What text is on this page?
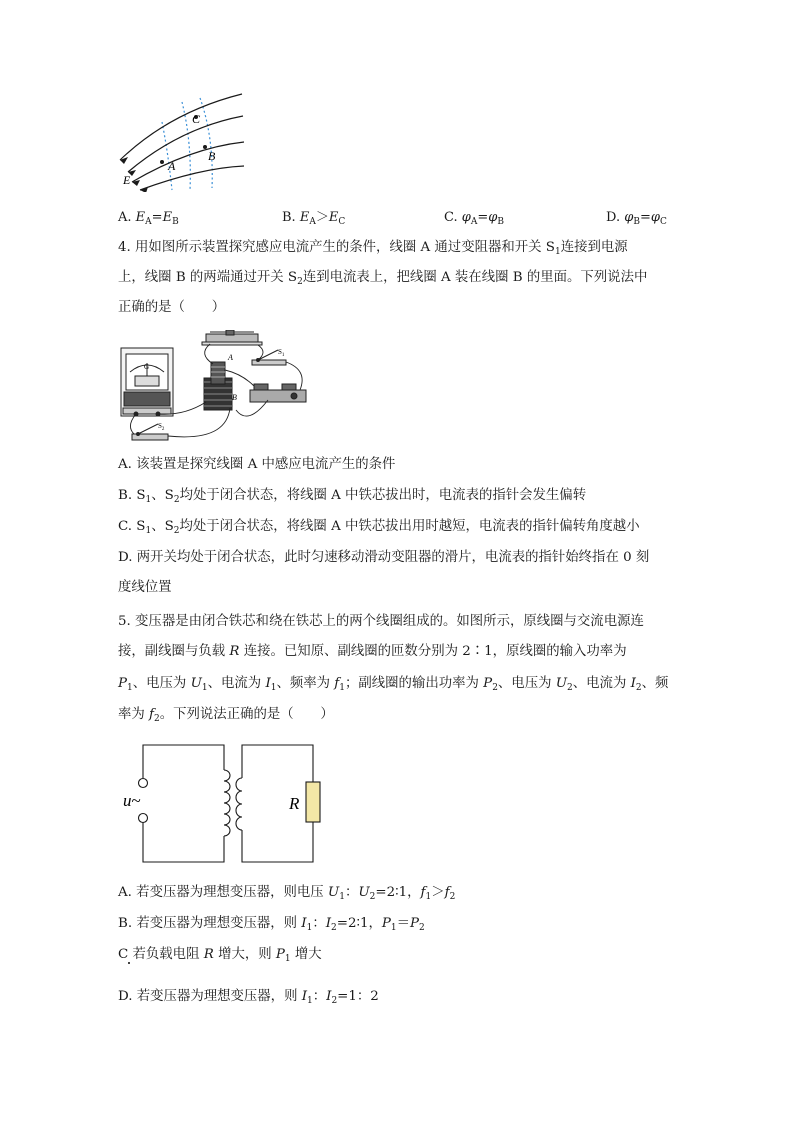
C
A
B
E
A. $E_A=E_B$	B. $E_A>E_C$	C. $\varphi_A=\varphi_B$	D. $\varphi_B=\varphi_C$
4. 用如图所示装置探究感应电流产生的条件，线圈 A 通过变阻器和开关 $S_1$连接到电源
上，线圈 B 的两端通过开关 $S_2$连到电流表上，把线圈 A 装在线圈 B 的里面。下列说法中
正确的是（　　）
G
A
B
$S_1$
$S_2$
A. 该装置是探究线圈 A 中感应电流产生的条件
B. $S_1$、$S_2$均处于闭合状态，将线圈 A 中铁芯拔出时，电流表的指针会发生偏转
C. $S_1$、$S_2$均处于闭合状态，将线圈 A 中铁芯拔出用时越短，电流表的指针偏转角度越小
D. 两开关均处于闭合状态，此时匀速移动滑动变阻器的滑片，电流表的指针始终指在 0 刻
度线位置
5. 变压器是由闭合铁芯和绕在铁芯上的两个线圈组成的。如图所示，原线圈与交流电源连
接，副线圈与负载 R 连接。已知原、副线圈的匝数分别为 2∶1，原线圈的输入功率为
$P_1$、电压为 $U_1$、电流为 $I_1$、频率为 $f_1$；副线圈的输出功率为 $P_2$、电压为 $U_2$、电流为 $I_2$、频
率为 $f_2$。下列说法正确的是（　　）
u~	R
A. 若变压器为理想变压器，则电压 $U_1$：$U_2=2∶1$，$f_1>f_2$
B. 若变压器为理想变压器，则 $I_1$：$I_2=2∶1$，$P_1=P_2$
C 若负载电阻 R 增大，则 $P_1$ 增大
D. 若变压器为理想变压器，则 $I_1$：$I_2=1$：2
